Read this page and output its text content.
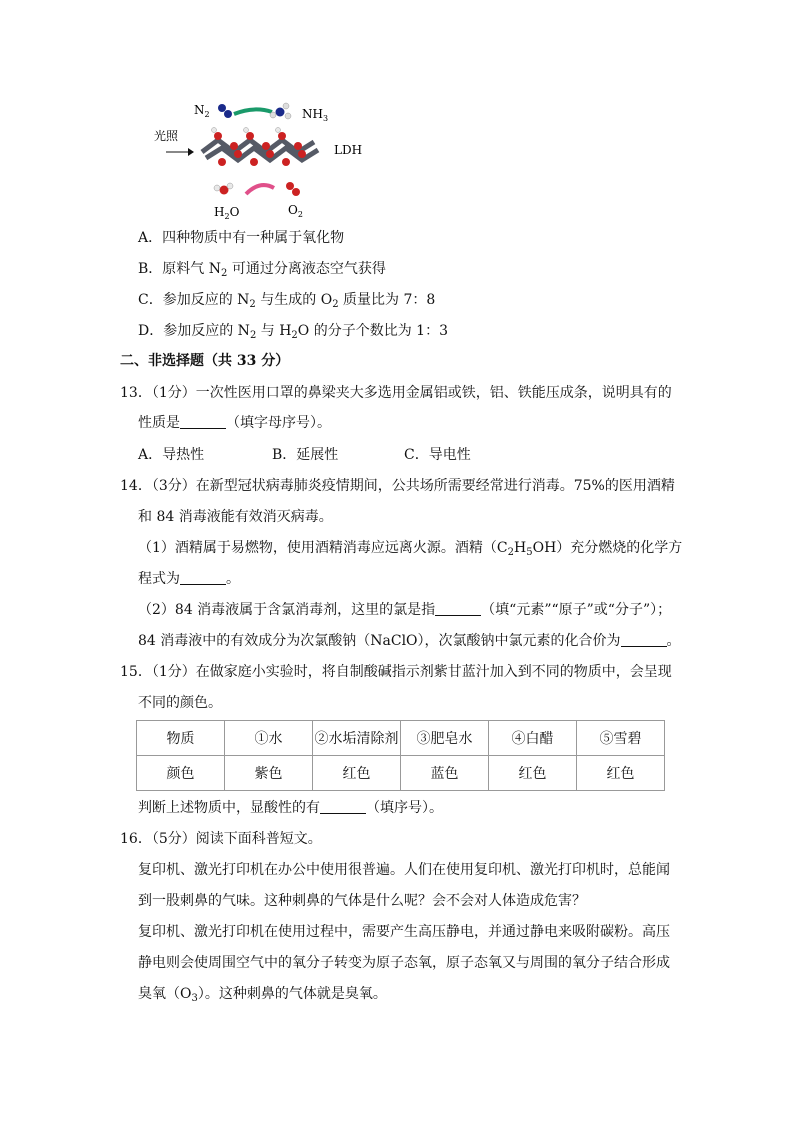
$N_2$	$NH_3$
光照
LDH
$H_2O$	$O_2$
A．四种物质中有一种属于氧化物
B．原料气 $N_2$ 可通过分离液态空气获得
C．参加反应的 $N_2$ 与生成的 $O_2$ 质量比为 7：8
D．参加反应的 $N_2$ 与 $H_2O$ 的分子个数比为 1：3
二、非选择题（共 33 分）
13．（1分）一次性医用口罩的鼻梁夹大多选用金属铝或铁，铝、铁能压成条，说明具有的
性质是	（填字母序号）。
A．导热性	B．延展性	C．导电性
14．（3分）在新型冠状病毒肺炎疫情期间，公共场所需要经常进行消毒。75%的医用酒精
和 84 消毒液能有效消灭病毒。
（1）酒精属于易燃物，使用酒精消毒应远离火源。酒精$(C_2H_5OH)$充分燃烧的化学方
程式为	。
（2）84 消毒液属于含氯消毒剂，这里的氯是指	（填“元素”“原子”或“分子”）；
84 消毒液中的有效成分为次氯酸钠（NaClO），次氯酸钠中氯元素的化合价为	。
15．（1分）在做家庭小实验时，将自制酸碱指示剂紫甘蓝汁加入到不同的物质中，会呈现
不同的颜色。
物质	①水	②水垢清除剂	③肥皂水	④白醋	⑤雪碧
颜色	紫色	红色	蓝色	红色	红色
判断上述物质中，显酸性的有	（填序号）。
16．（5分）阅读下面科普短文。
复印机、激光打印机在办公中使用很普遍。人们在使用复印机、激光打印机时，总能闻
到一股刺鼻的气味。这种刺鼻的气体是什么呢？会不会对人体造成危害？
复印机、激光打印机在使用过程中，需要产生高压静电，并通过静电来吸附碳粉。高压
静电则会使周围空气中的氧分子转变为原子态氧，原子态氧又与周围的氧分子结合形成
臭氧$(O_3)$。这种刺鼻的气体就是臭氧。
